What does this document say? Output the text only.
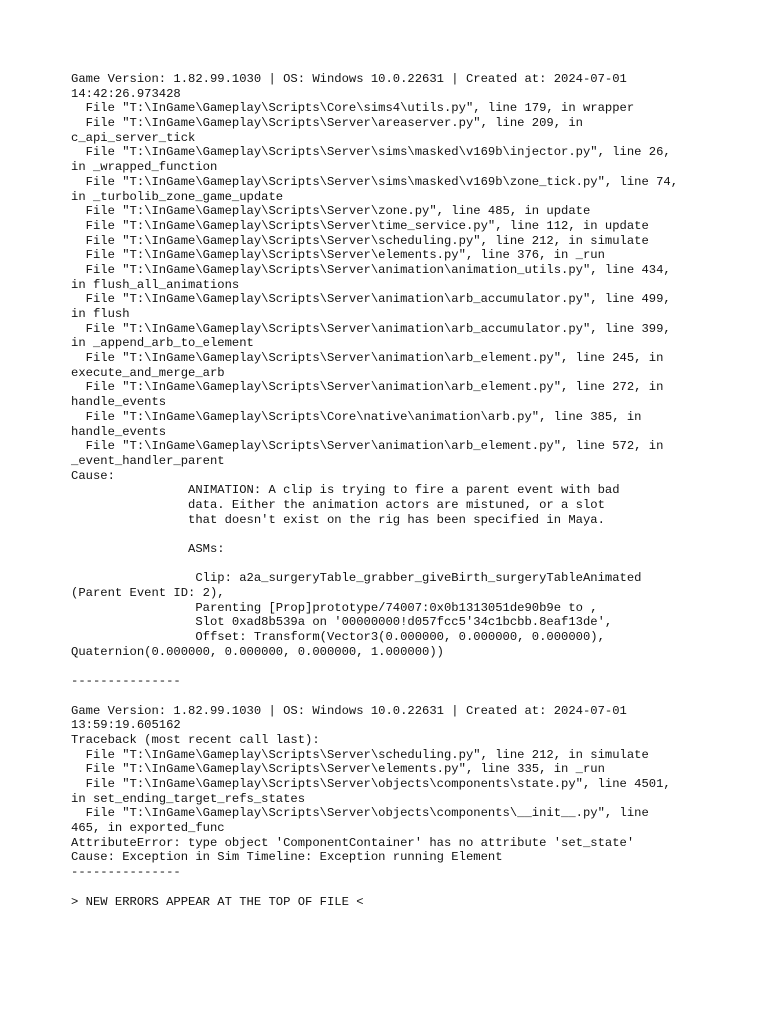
Game Version: 1.82.99.1030 | OS: Windows 10.0.22631 | Created at: 2024-07-01
14:42:26.973428
File "T:\InGame\Gameplay\Scripts\Core\sims4\utils.py", line 179, in wrapper
File "T:\InGame\Gameplay\Scripts\Server\areaserver.py", line 209, in
c_api_server_tick
File "T:\InGame\Gameplay\Scripts\Server\sims\masked\v169b\injector.py", line 26,
in _wrapped_function
File "T:\InGame\Gameplay\Scripts\Server\sims\masked\v169b\zone_tick.py", line 74,
in _turbolib_zone_game_update
File "T:\InGame\Gameplay\Scripts\Server\zone.py", line 485, in update
File "T:\InGame\Gameplay\Scripts\Server\time_service.py", line 112, in update
File "T:\InGame\Gameplay\Scripts\Server\scheduling.py", line 212, in simulate
File "T:\InGame\Gameplay\Scripts\Server\elements.py", line 376, in _run
File "T:\InGame\Gameplay\Scripts\Server\animation\animation_utils.py", line 434,
in flush_all_animations
File "T:\InGame\Gameplay\Scripts\Server\animation\arb_accumulator.py", line 499,
in flush
File "T:\InGame\Gameplay\Scripts\Server\animation\arb_accumulator.py", line 399,
in _append_arb_to_element
File "T:\InGame\Gameplay\Scripts\Server\animation\arb_element.py", line 245, in
execute_and_merge_arb
File "T:\InGame\Gameplay\Scripts\Server\animation\arb_element.py", line 272, in
handle_events
File "T:\InGame\Gameplay\Scripts\Core\native\animation\arb.py", line 385, in
handle_events
File "T:\InGame\Gameplay\Scripts\Server\animation\arb_element.py", line 572, in
_event_handler_parent
Cause:
ANIMATION: A clip is trying to fire a parent event with bad
data. Either the animation actors are mistuned, or a slot
that doesn't exist on the rig has been specified in Maya.
ASMs:
Clip: a2a_surgeryTable_grabber_giveBirth_surgeryTableAnimated
(Parent Event ID: 2),
Parenting [Prop]prototype/74007:0x0b1313051de90b9e to ,
Slot 0xad8b539a on '00000000!d057fcc5'34c1bcbb.8eaf13de',
Offset: Transform(Vector3(0.000000, 0.000000, 0.000000),
Quaternion(0.000000, 0.000000, 0.000000, 1.000000))
---------------
Game Version: 1.82.99.1030 | OS: Windows 10.0.22631 | Created at: 2024-07-01
13:59:19.605162
Traceback (most recent call last):
File "T:\InGame\Gameplay\Scripts\Server\scheduling.py", line 212, in simulate
File "T:\InGame\Gameplay\Scripts\Server\elements.py", line 335, in _run
File "T:\InGame\Gameplay\Scripts\Server\objects\components\state.py", line 4501,
in set_ending_target_refs_states
File "T:\InGame\Gameplay\Scripts\Server\objects\components\__init__.py", line
465, in exported_func
AttributeError: type object 'ComponentContainer' has no attribute 'set_state'
Cause: Exception in Sim Timeline: Exception running Element
---------------
> NEW ERRORS APPEAR AT THE TOP OF FILE <
